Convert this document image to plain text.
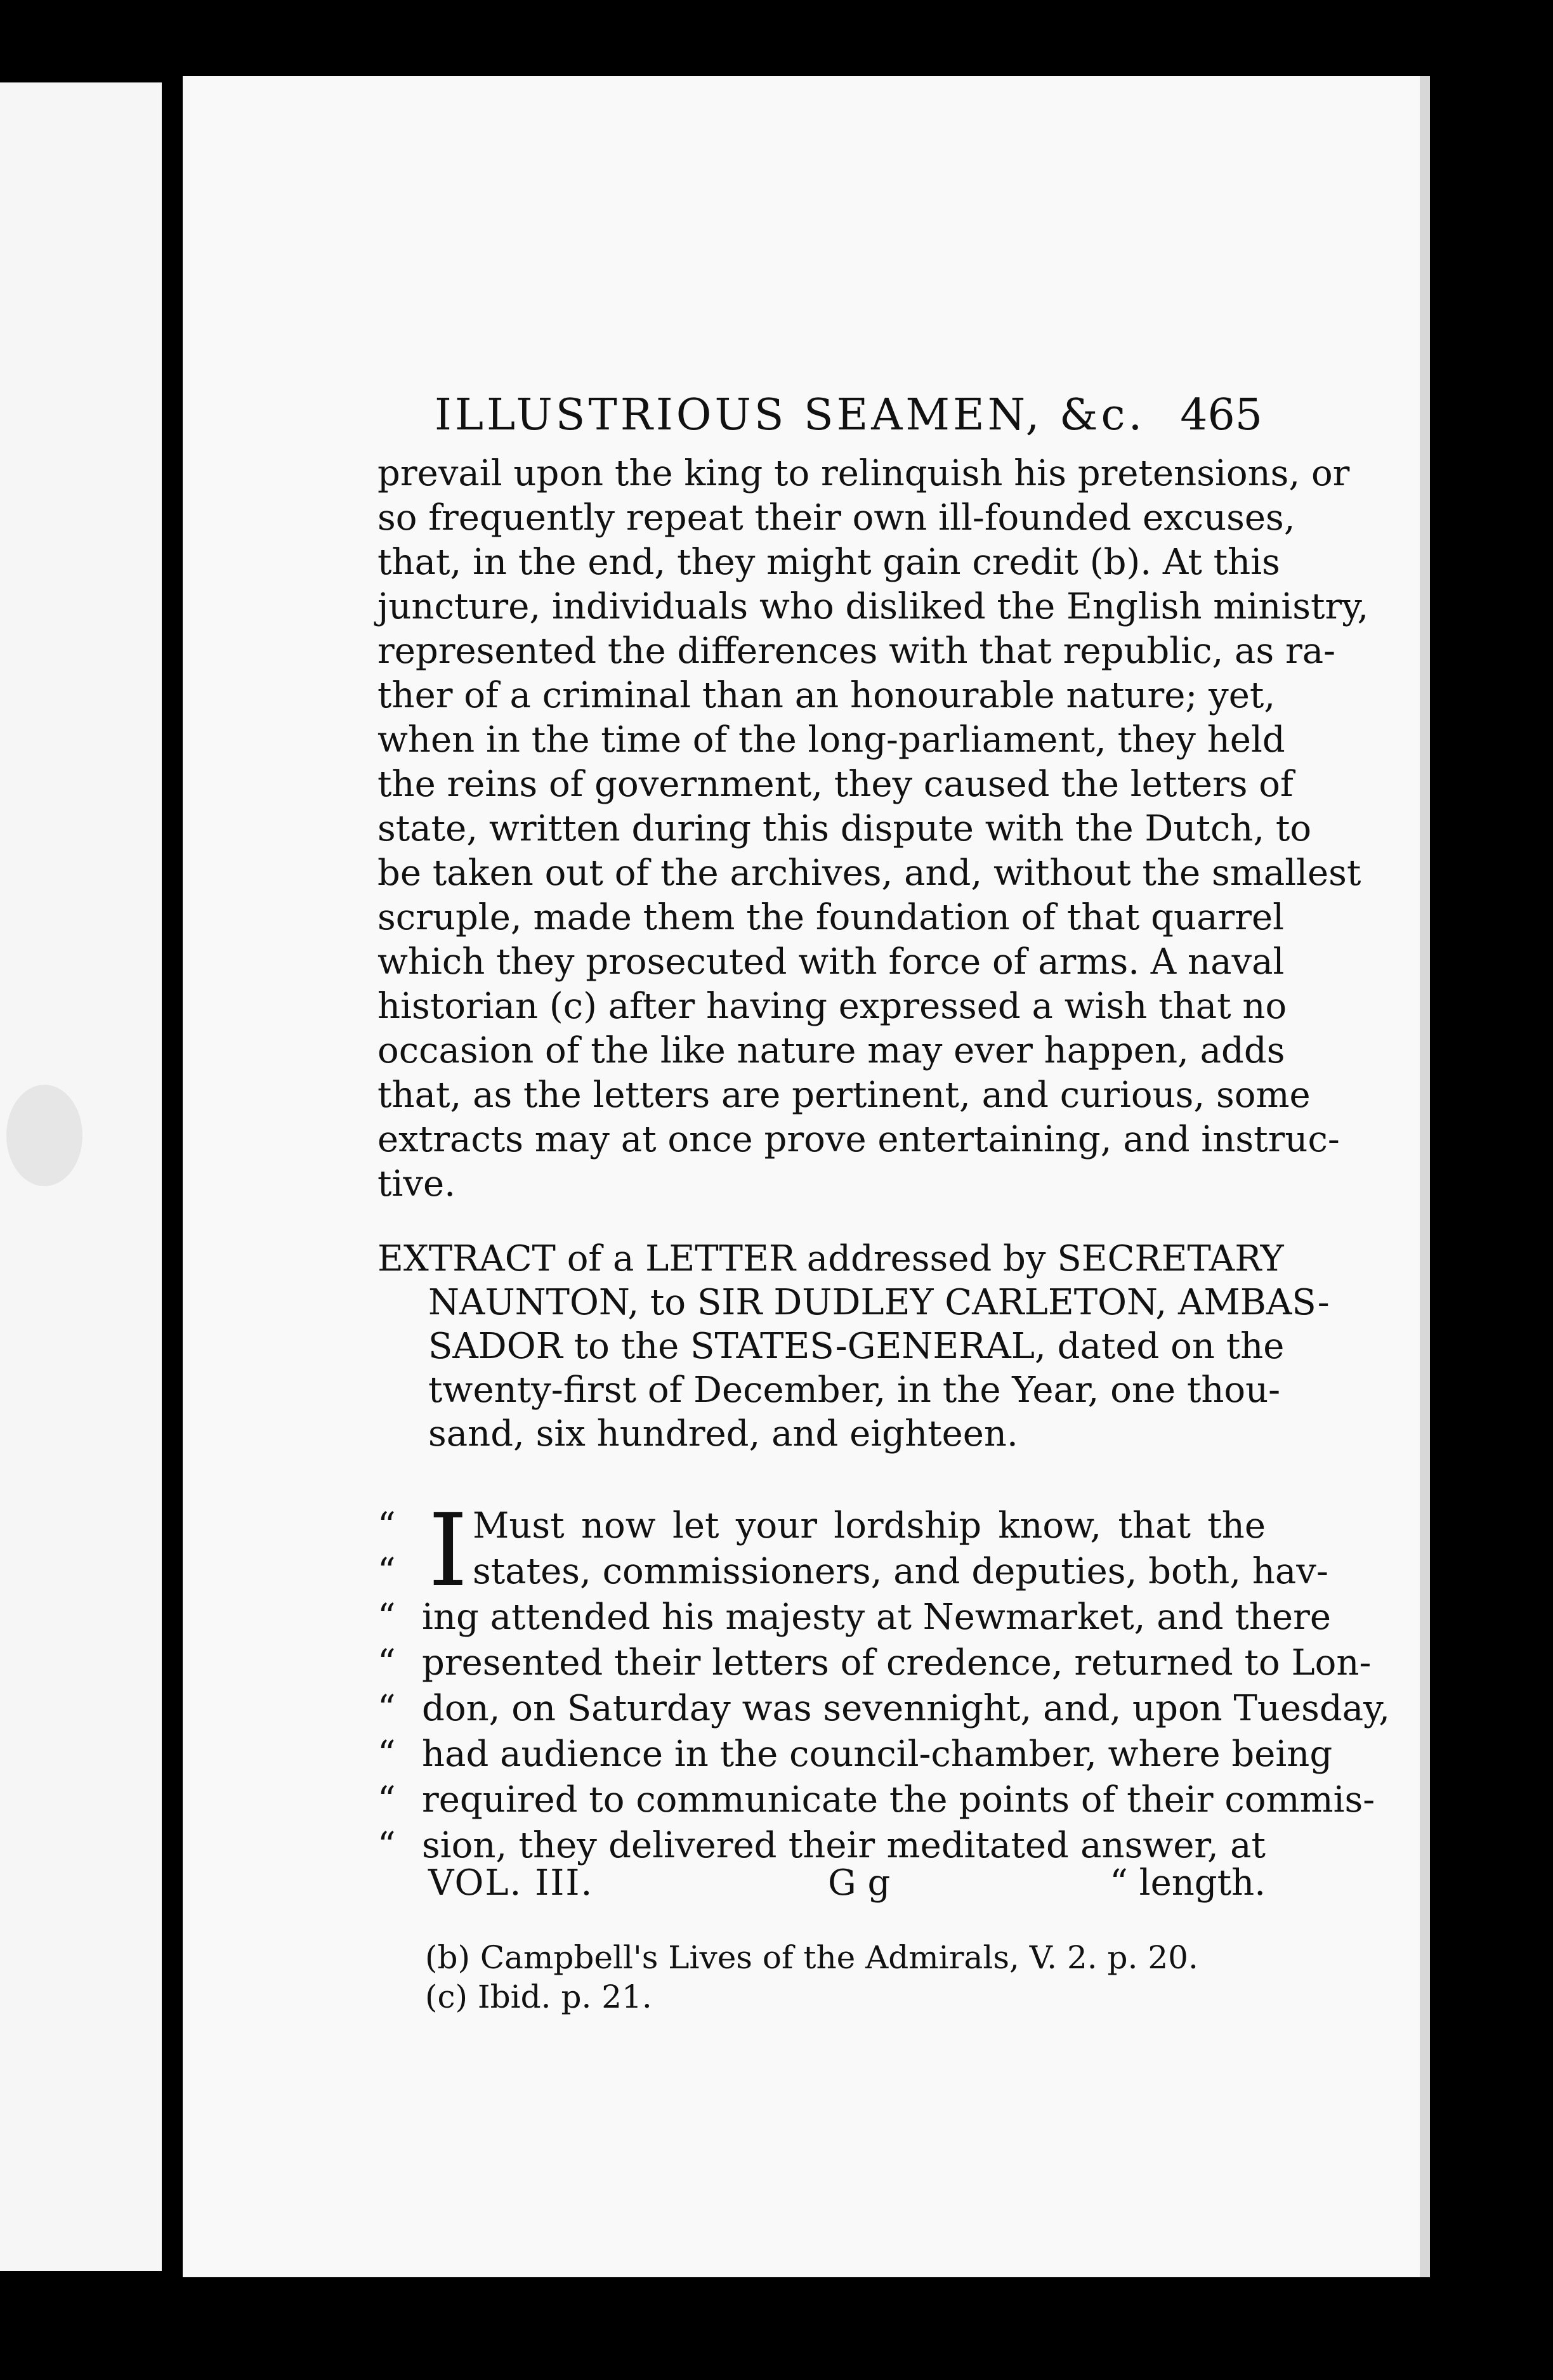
ILLUSTRIOUS SEAMEN, &c. 465
prevail upon the king to relinquish his pretensions, or
so frequently repeat their own ill-founded excuses,
that, in the end, they might gain credit (b). At this
juncture, individuals who disliked the English ministry,
represented the differences with that republic, as ra-
ther of a criminal than an honourable nature; yet,
when in the time of the long-parliament, they held
the reins of government, they caused the letters of
state, written during this dispute with the Dutch, to
be taken out of the archives, and, without the smallest
scruple, made them the foundation of that quarrel
which they prosecuted with force of arms. A naval
historian (c) after having expressed a wish that no
occasion of the like nature may ever happen, adds
that, as the letters are pertinent, and curious, some
extracts may at once prove entertaining, and instruc-
tive.
EXTRACT of a LETTER addressed by SECRETARY
NAUNTON, to SIR DUDLEY CARLETON, AMBAS-
SADOR to the STATES-GENERAL, dated on the
twenty-first of December, in the Year, one thou-
sand, six hundred, and eighteen.
I
“	Must now let your lordship know, that the
“	states, commissioners, and deputies, both, hav-
“ ing attended his majesty at Newmarket, and there
“ presented their letters of credence, returned to Lon-
“ don, on Saturday was sevennight, and, upon Tuesday,
“ had audience in the council-chamber, where being
“ required to communicate the points of their commis-
“ sion, they delivered their meditated answer, at
VOL. III.	G g	“ length.
(b) Campbell's Lives of the Admirals, V. 2. p. 20.
(c) Ibid. p. 21.
